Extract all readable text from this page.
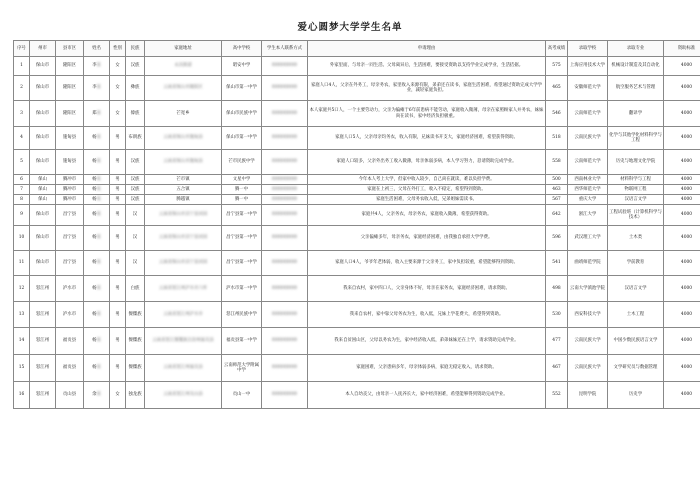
爱心圆梦大学学生名单
序号	州市	县市区	姓名	性别	民族	家庭地址	高中学校	学生本人联系方式	申请理由	高考成绩	录取学校	录取专业	资助标准
1	保山市	隆阳区	李某	女	汉族	永昌街道	昭安中学	000000000	外家里面，与母亲一同生活。父母离异后，生活困难，要接受资助以支持学业完成学业，生活拮据。	575	上海应用技术大学	机械设计制造及其自动化	4000
2	保山市	隆阳区	李某	女	彝族	云南省保山市隆阳区	保山市第一中学	000000000	家庭人口4人，父亲在外务工，母亲务农，家里收入来源有限，弟弟还在读书，家庭生活困难，希望通过资助完成大学学业，减轻家庭负担。	465	安徽师范大学	航空服务艺术与管理	4000
3	保山市	隆阳区	郑某	女	傣族	芒宽乡	保山市民族中学	000000000	本人家庭共5口人，一个主要劳动力，父亲为偏瘫于6年前患病不能劳动，家庭收入微薄，母亲在家照顾家人并务农，妹妹尚在读书，家中经济负担极重。	546	云南师范大学	翻译学	4000
4	保山市	施甸县	杨某	男	布朗族	云南省保山市施甸县	保山市第一中学	000000000	家庭人口5人，父亲母亲均务农，收入有限，兄妹读书开支大，家庭经济困难，希望获得资助。	518	云南民族大学	化学与其他学化材料科学与工程	4000
5	保山市	施甸县	杨某	男	汉族	云南省保山市施甸县	芒市民族中学	000000000	家庭人口较多，父亲外出务工收入微薄，母亲体弱多病，本人学习努力，恳请资助完成学业。	558	云南师范大学	历史与地理文化学院	4000
6	保山	腾冲市	杨某	男	汉族	芒市镇	文星中学	000000000	今年本人考上大学，但家中收入较少，自己尚在就读，难以负担学费。	500	西南林业大学	材料科学与工程	4000
7	保山	腾冲市	杨某	男	汉族	五合镇	腾一中	000000000	家庭在上初三，父母在外打工，收入不稳定，希望得到资助。	463	西华师范大学	物联网工程	4000
8	保山	腾冲市	杨某	男	汉族	腾越镇	腾一中	000000000	家庭生活困难，父母务农收入低，兄弟姐妹需读书。	567	重庆大学	汉语言文学	4000
9	保山市	昌宁县	杨某	男	汉	云南省保山市昌宁县田园	昌宁县第一中学	000000000	家庭共4人，父亲务农，母亲务农，家庭收入微薄，希望获得资助。	642	浙江大学	工程试验班（计算机科学与技术）	4000
10	保山市	昌宁县	杨某	男	汉	云南省保山市昌宁县田园	昌宁县第一中学	000000000	父亲偏瘫多年，母亲务农，家庭经济困难，由我独自承担大学学费。	596	武汉理工大学	土木类	4000
11	保山市	昌宁县	杨某	男	汉	云南省保山市昌宁县田园	昌宁县第一中学	000000000	家庭人口4人，爷爷年老体弱，收入主要来源于父亲务工，家中负担较重，希望能够得到资助。	541	曲靖师范学院	学前教育	4000
12	怒江州	泸水市	杨某	男	白族	云南省怒江州泸水市六库	泸水市第一中学	000000000	我来自农村，家中四口人，父亲身体不好，母亲在家务农，家庭经济困难，请求资助。	498	云南大学滇池学院	汉语言文学	4000
13	怒江州	泸水市	杨某	男	傈僳族	云南省怒江州泸水市	怒江州民族中学	000000000	我来自农村，家中靠父母务农为生，收入低，兄妹上学花费大，希望得到资助。	530	西安科技大学	土木工程	4000
14	怒江州	福贡县	杨某	男	傈僳族	云南省怒江傈僳族自治州福贡县	福贡县第一中学	000000000	我来自贫困山区，父母以务农为生，家中经济收入低，弟弟妹妹还在上学，请求资助完成学业。	477	云南民族大学	中国少数民族语言文学	4000
15	怒江州	福贡县	杨某	男	傈僳族	云南省怒江州福贡县	云南师范大学附属中学	000000000	家庭困难，父亲患病多年，母亲体弱多病，家庭无稳定收入，请求资助。	467	云南民族大学	文学研究员与数据管理	4000
16	怒江州	贡山县	余某	女	独龙族	云南省怒江州贡山县	贡山一中	000000000	本人自幼丧父，由母亲一人抚养长大，家中经济困难，希望能够得到资助完成学业。	552	昆明学院	历史学	4000
